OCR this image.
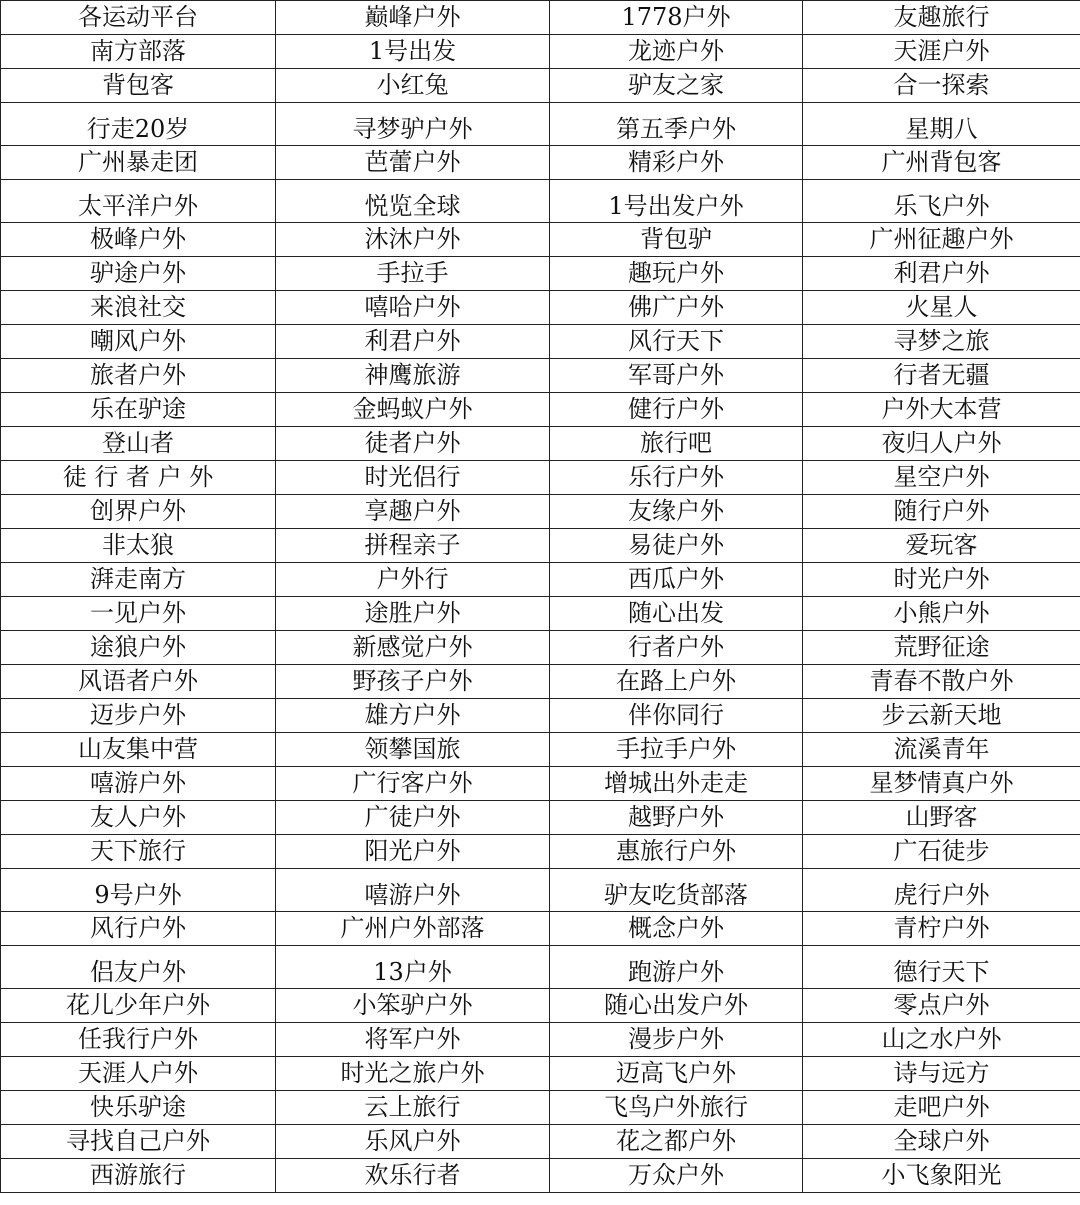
各运动平台	巅峰户外	1778户外	友趣旅行
南方部落	1号出发	龙迹户外	天涯户外
背包客	小红兔	驴友之家	合一探索
行走20岁	寻梦驴户外	第五季户外	星期八
广州暴走团	芭蕾户外	精彩户外	广州背包客
太平洋户外	悦览全球	1号出发户外	乐飞户外
极峰户外	沐沐户外	背包驴	广州征趣户外
驴途户外	手拉手	趣玩户外	利君户外
来浪社交	嘻哈户外	佛广户外	火星人
嘲风户外	利君户外	风行天下	寻梦之旅
旅者户外	神鹰旅游	军哥户外	行者无疆
乐在驴途	金蚂蚁户外	健行户外	户外大本营
登山者	徒者户外	旅行吧	夜归人户外
徒 行 者 户 外	时光侣行	乐行户外	星空户外
创界户外	享趣户外	友缘户外	随行户外
非太狼	拼程亲子	易徒户外	爱玩客
湃走南方	户外行	西瓜户外	时光户外
一见户外	途胜户外	随心出发	小熊户外
途狼户外	新感觉户外	行者户外	荒野征途
风语者户外	野孩子户外	在路上户外	青春不散户外
迈步户外	雄方户外	伴你同行	步云新天地
山友集中营	领攀国旅	手拉手户外	流溪青年
嘻游户外	广行客户外	增城出外走走	星梦情真户外
友人户外	广徒户外	越野户外	山野客
天下旅行	阳光户外	惠旅行户外	广石徒步
9号户外	嘻游户外	驴友吃货部落	虎行户外
风行户外	广州户外部落	概念户外	青柠户外
侣友户外	13户外	跑游户外	德行天下
花儿少年户外	小笨驴户外	随心出发户外	零点户外
任我行户外	将军户外	漫步户外	山之水户外
天涯人户外	时光之旅户外	迈高飞户外	诗与远方
快乐驴途	云上旅行	飞鸟户外旅行	走吧户外
寻找自己户外	乐风户外	花之都户外	全球户外
西游旅行	欢乐行者	万众户外	小飞象阳光
